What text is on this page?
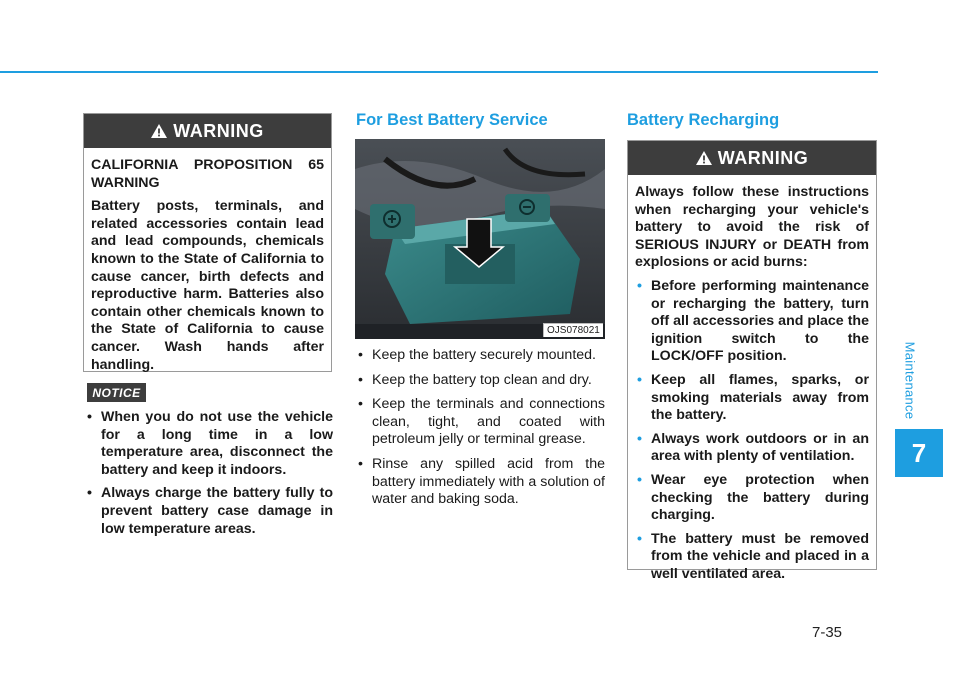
WARNING

CALIFORNIA PROPOSITION 65 WARNING

Battery posts, terminals, and related accessories contain lead and lead compounds, chemicals known to the State of California to cause cancer, birth defects and reproductive harm. Batteries also contain other chemicals known to the State of California to cause cancer. Wash hands after handling.

NOTICE
• When you do not use the vehicle for a long time in a low temperature area, disconnect the battery and keep it indoors.
• Always charge the battery fully to prevent battery case damage in low temperature areas.
For Best Battery Service
OJS078021
• Keep the battery securely mounted.
• Keep the battery top clean and dry.
• Keep the terminals and connections clean, tight, and coated with petroleum jelly or terminal grease.
• Rinse any spilled acid from the battery immediately with a solution of water and baking soda.
Battery Recharging
WARNING

Always follow these instructions when recharging your vehicle's battery to avoid the risk of SERIOUS INJURY or DEATH from explosions or acid burns:

• Before performing maintenance or recharging the battery, turn off all accessories and place the ignition switch to the LOCK/OFF position.
• Keep all flames, sparks, or smoking materials away from the battery.
• Always work outdoors or in an area with plenty of ventilation.
• Wear eye protection when checking the battery during charging.
• The battery must be removed from the vehicle and placed in a well ventilated area.
Maintenance
7
7-35
